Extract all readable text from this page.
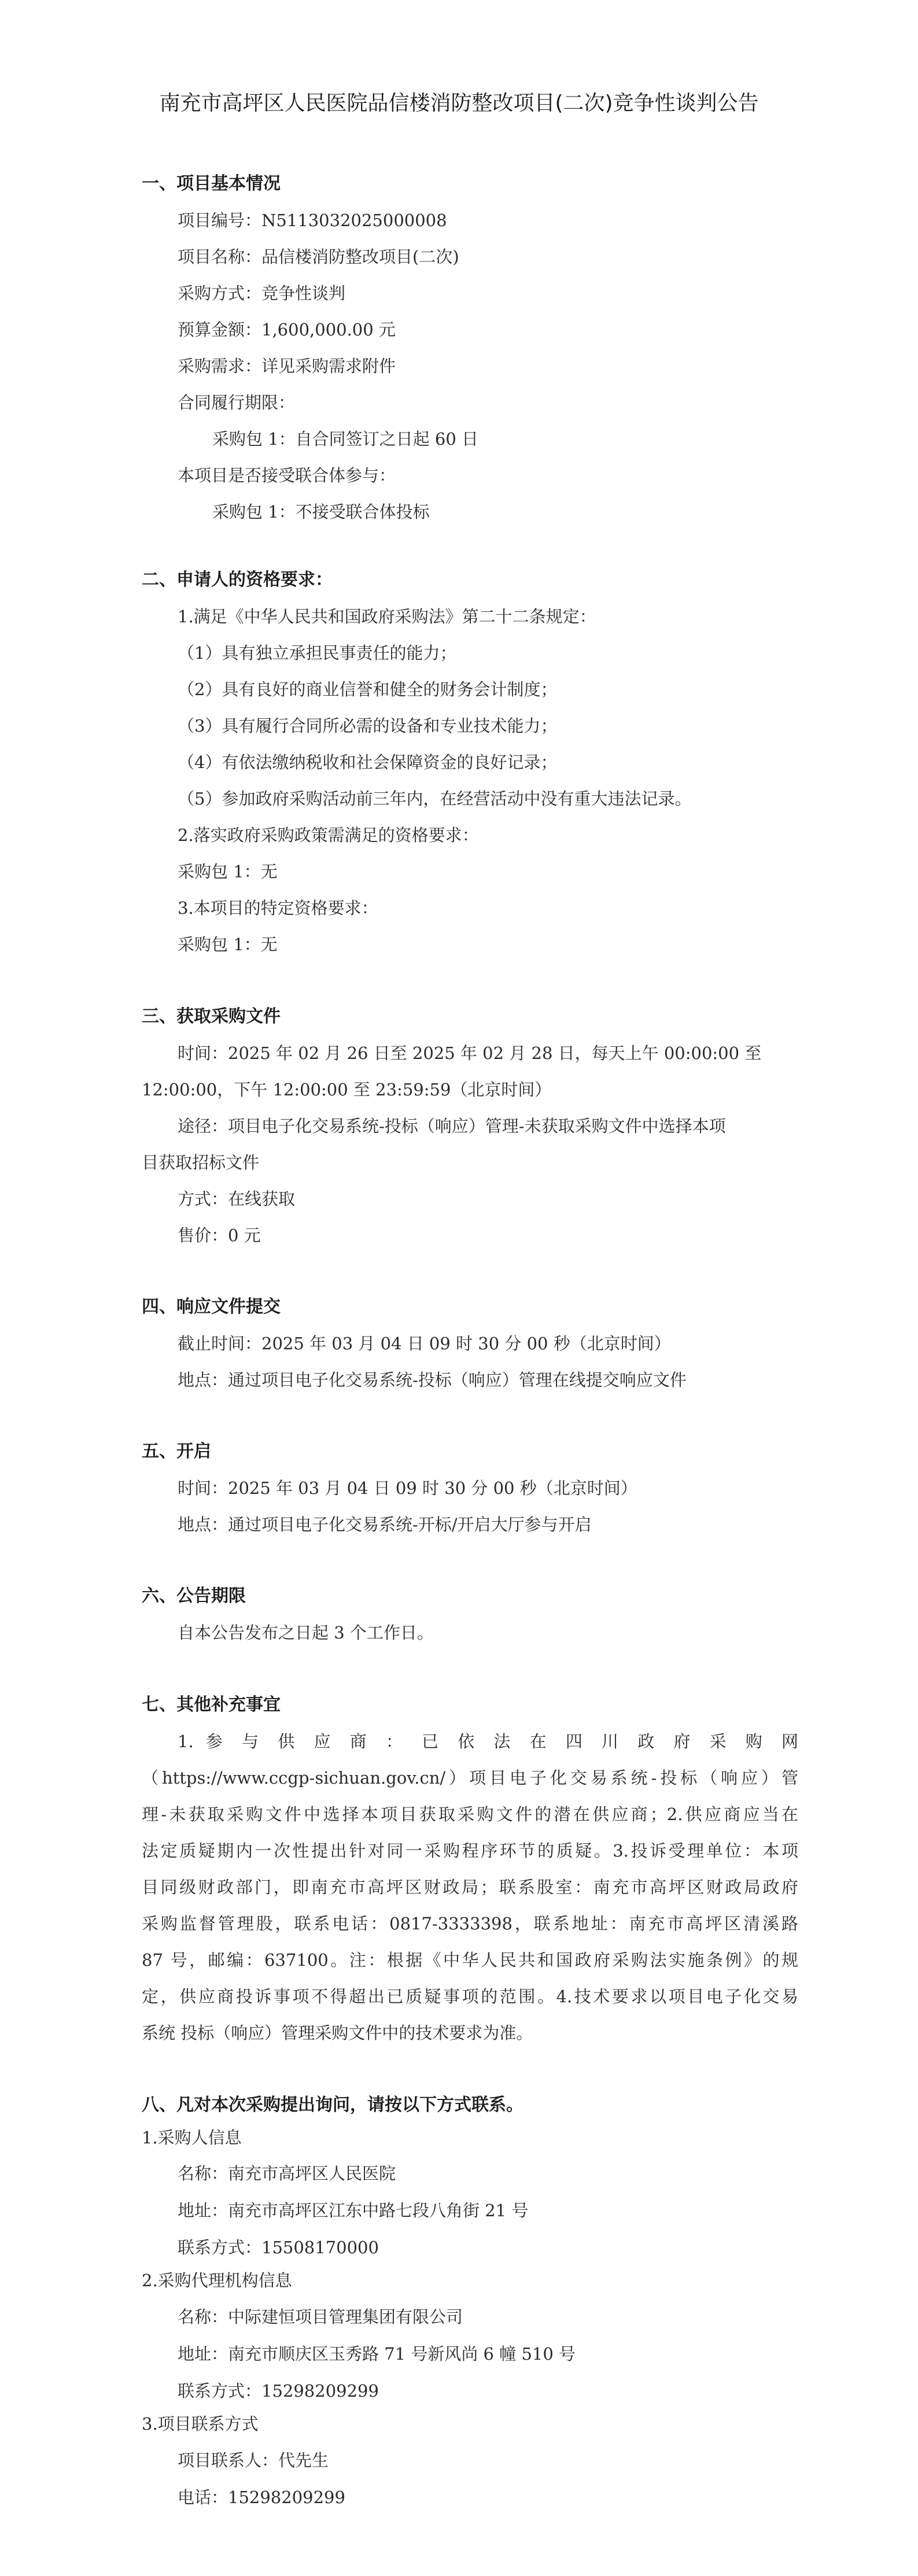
南充市高坪区人民医院品信楼消防整改项目(二次)竞争性谈判公告
一、项目基本情况
项目编号：N5113032025000008
项目名称：品信楼消防整改项目(二次)
采购方式：竞争性谈判
预算金额：1,600,000.00 元
采购需求：详见采购需求附件
合同履行期限：
采购包 1：自合同签订之日起 60 日
本项目是否接受联合体参与：
采购包 1：不接受联合体投标
二、申请人的资格要求：
1.满足《中华人民共和国政府采购法》第二十二条规定：
（1）具有独立承担民事责任的能力；
（2）具有良好的商业信誉和健全的财务会计制度；
（3）具有履行合同所必需的设备和专业技术能力；
（4）有依法缴纳税收和社会保障资金的良好记录；
（5）参加政府采购活动前三年内，在经营活动中没有重大违法记录。
2.落实政府采购政策需满足的资格要求：
采购包 1：无
3.本项目的特定资格要求：
采购包 1：无
三、获取采购文件
时间：2025 年 02 月 26 日至 2025 年 02 月 28 日，每天上午 00:00:00 至
12:00:00，下午 12:00:00 至 23:59:59（北京时间）
途径：项目电子化交易系统-投标（响应）管理-未获取采购文件中选择本项
目获取招标文件
方式：在线获取
售价：0 元
四、响应文件提交
截止时间：2025 年 03 月 04 日 09 时 30 分 00 秒（北京时间）
地点：通过项目电子化交易系统-投标（响应）管理在线提交响应文件
五、开启
时间：2025 年 03 月 04 日 09 时 30 分 00 秒（北京时间）
地点：通过项目电子化交易系统-开标/开启大厅参与开启
六、公告期限
自本公告发布之日起 3 个工作日。
七、其他补充事宜
1. 参 与 供 应 商 ： 已 依 法 在 四 川 政 府 采 购 网
（https://www.ccgp-sichuan.gov.cn/）项目电子化交易系统-投标（响应）管
理-未获取采购文件中选择本项目获取采购文件的潜在供应商；2.供应商应当在
法定质疑期内一次性提出针对同一采购程序环节的质疑。3.投诉受理单位：本项
目同级财政部门，即南充市高坪区财政局；联系股室：南充市高坪区财政局政府
采购监督管理股，联系电话：0817-3333398，联系地址：南充市高坪区清溪路
87 号，邮编：637100。注：根据《中华人民共和国政府采购法实施条例》的规
定，供应商投诉事项不得超出已质疑事项的范围。4.技术要求以项目电子化交易
系统 投标（响应）管理采购文件中的技术要求为准。
八、凡对本次采购提出询问，请按以下方式联系。
1.采购人信息
名称：南充市高坪区人民医院
地址：南充市高坪区江东中路七段八角街 21 号
联系方式：15508170000
2.采购代理机构信息
名称：中际建恒项目管理集团有限公司
地址：南充市顺庆区玉秀路 71 号新风尚 6 幢 510 号
联系方式：15298209299
3.项目联系方式
项目联系人：代先生
电话：15298209299
